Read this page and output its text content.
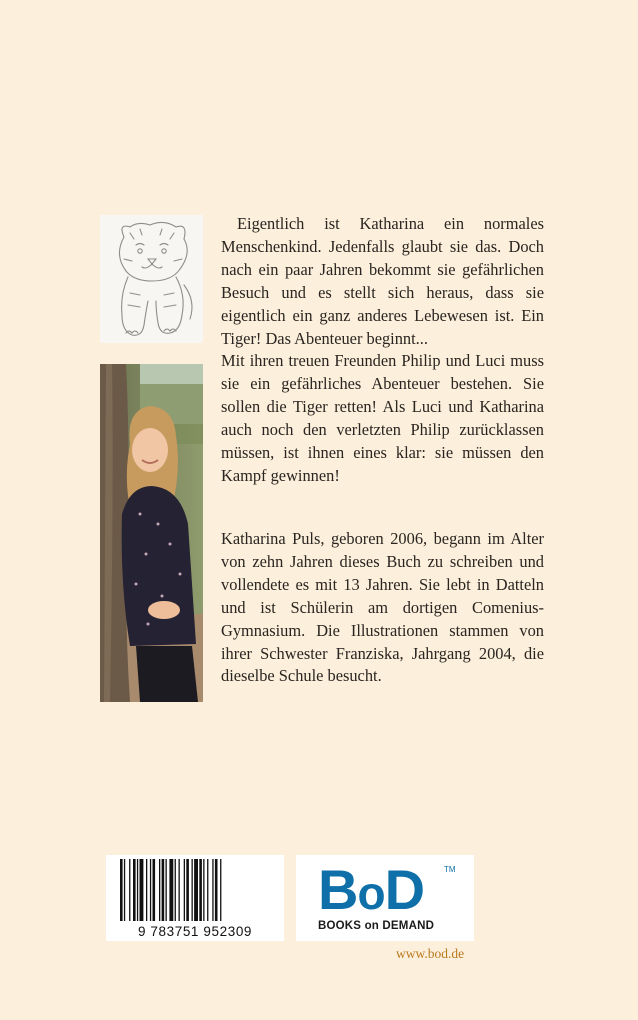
Eigentlich ist Katharina ein normales Menschenkind. Jedenfalls glaubt sie das. Doch nach ein paar Jahren bekommt sie gefährlichen Besuch und es stellt sich heraus, dass sie eigentlich ein ganz anderes Lebewesen ist. Ein Tiger! Das Abenteuer beginnt...

Mit ihren treuen Freunden Philip und Luci muss sie ein gefährliches Abenteuer bestehen. Sie sollen die Tiger retten! Als Luci und Katharina auch noch den verletzten Philip zurücklassen müssen, ist ihnen eines klar: sie müssen den Kampf gewinnen!

Katharina Puls, geboren 2006, begann im Alter von zehn Jahren dieses Buch zu schreiben und vollendete es mit 13 Jahren. Sie lebt in Datteln und ist Schülerin am dortigen Comenius-Gymnasium. Die Illustrationen stammen von ihrer Schwester Franziska, Jahrgang 2004, die dieselbe Schule besucht.

9 783751 952309
BoD TM
BOOKS on DEMAND
www.bod.de
